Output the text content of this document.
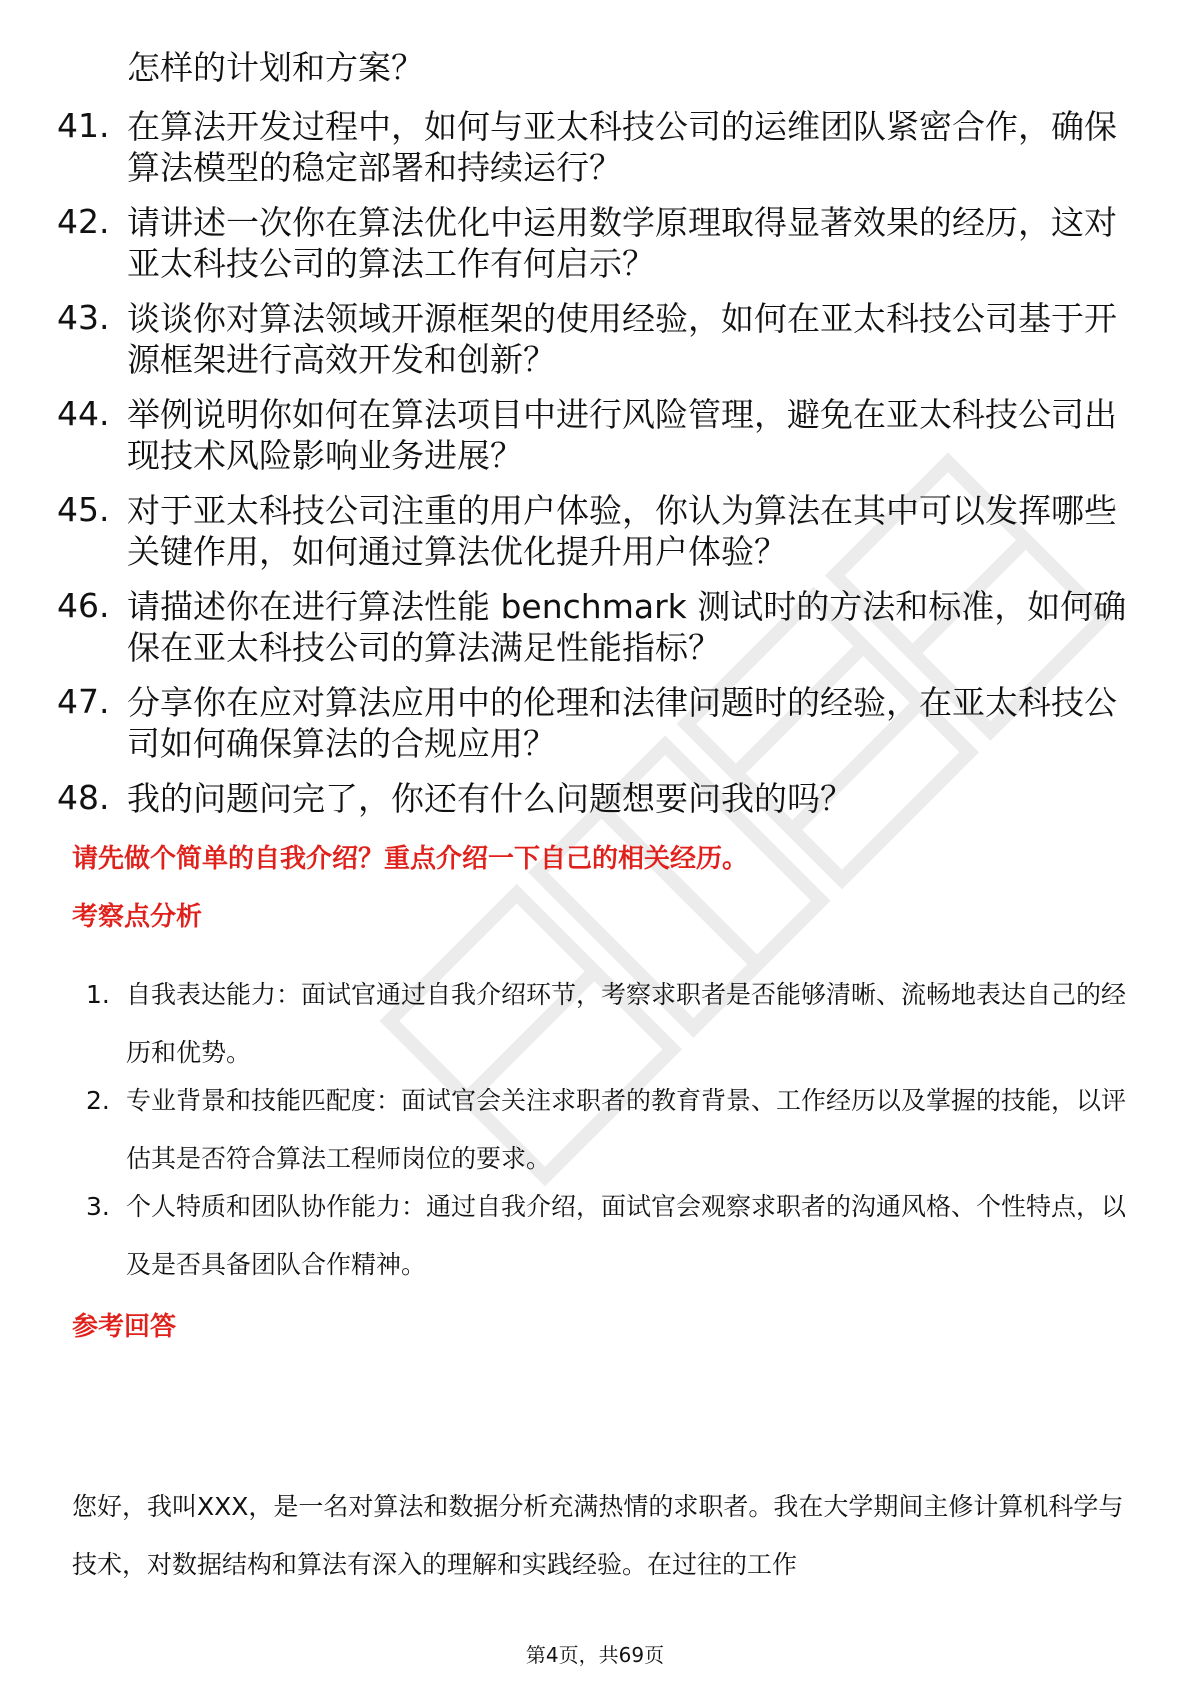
怎样的计划和方案？
41. 在算法开发过程中，如何与亚太科技公司的运维团队紧密合作，确保算法模型的稳定部署和持续运行？
42. 请讲述一次你在算法优化中运用数学原理取得显著效果的经历，这对亚太科技公司的算法工作有何启示？
43. 谈谈你对算法领域开源框架的使用经验，如何在亚太科技公司基于开源框架进行高效开发和创新？
44. 举例说明你如何在算法项目中进行风险管理，避免在亚太科技公司出现技术风险影响业务进展？
45. 对于亚太科技公司注重的用户体验，你认为算法在其中可以发挥哪些关键作用，如何通过算法优化提升用户体验？
46. 请描述你在进行算法性能 benchmark 测试时的方法和标准，如何确保在亚太科技公司的算法满足性能指标？
47. 分享你在应对算法应用中的伦理和法律问题时的经验，在亚太科技公司如何确保算法的合规应用？
48. 我的问题问完了，你还有什么问题想要问我的吗？
请先做个简单的自我介绍？重点介绍一下自己的相关经历。
考察点分析
1. 自我表达能力：面试官通过自我介绍环节，考察求职者是否能够清晰、流畅地表达自己的经历和优势。
2. 专业背景和技能匹配度：面试官会关注求职者的教育背景、工作经历以及掌握的技能，以评估其是否符合算法工程师岗位的要求。
3. 个人特质和团队协作能力：通过自我介绍，面试官会观察求职者的沟通风格、个性特点，以及是否具备团队合作精神。
参考回答
您好，我叫XXX，是一名对算法和数据分析充满热情的求职者。我在大学期间主修计算机科学与技术，对数据结构和算法有深入的理解和实践经验。在过往的工作
第4页，共69页
